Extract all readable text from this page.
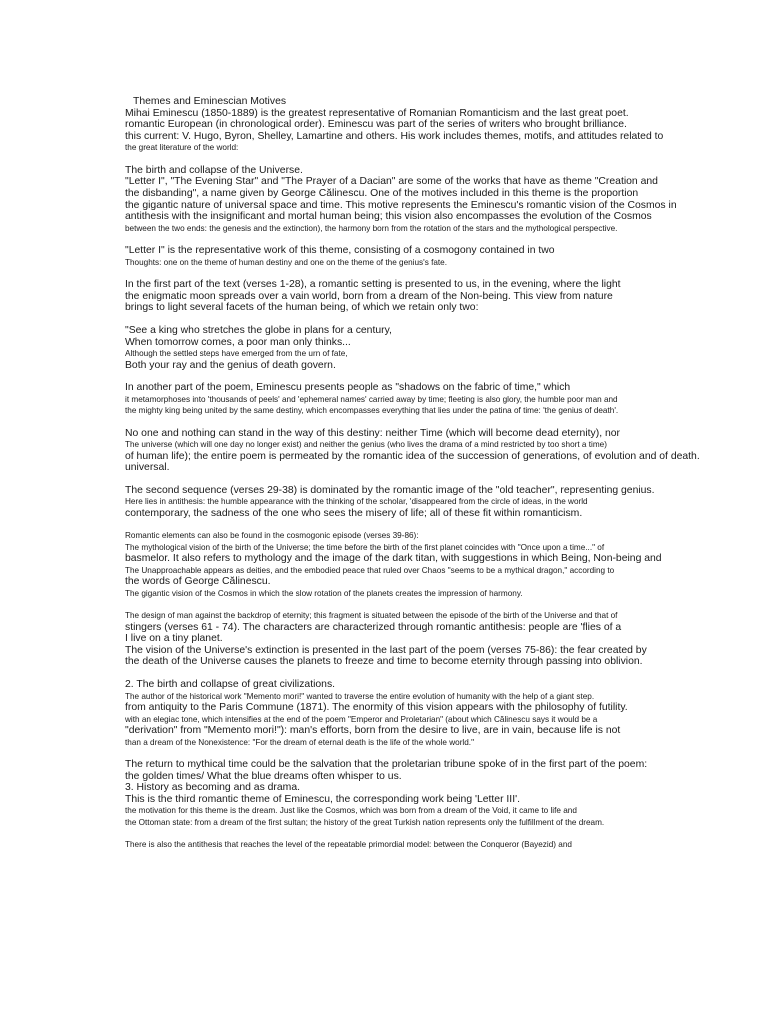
Themes and Eminescian Motives
Mihai Eminescu (1850-1889) is the greatest representative of Romanian Romanticism and the last great poet.
romantic European (in chronological order). Eminescu was part of the series of writers who brought brilliance.
this current: V. Hugo, Byron, Shelley, Lamartine and others. His work includes themes, motifs, and attitudes related to
the great literature of the world:
The birth and collapse of the Universe.
"Letter I", "The Evening Star" and "The Prayer of a Dacian" are some of the works that have as theme "Creation and
the disbanding", a name given by George Călinescu. One of the motives included in this theme is the proportion
the gigantic nature of universal space and time. This motive represents the Eminescu's romantic vision of the Cosmos in
antithesis with the insignificant and mortal human being; this vision also encompasses the evolution of the Cosmos
between the two ends: the genesis and the extinction), the harmony born from the rotation of the stars and the mythological perspective.
"Letter I" is the representative work of this theme, consisting of a cosmogony contained in two
Thoughts: one on the theme of human destiny and one on the theme of the genius's fate.
In the first part of the text (verses 1-28), a romantic setting is presented to us, in the evening, where the light
the enigmatic moon spreads over a vain world, born from a dream of the Non-being. This view from nature
brings to light several facets of the human being, of which we retain only two:
"See a king who stretches the globe in plans for a century,
When tomorrow comes, a poor man only thinks...
Although the settled steps have emerged from the urn of fate,
Both your ray and the genius of death govern.
In another part of the poem, Eminescu presents people as "shadows on the fabric of time," which
it metamorphoses into 'thousands of peels' and 'ephemeral names' carried away by time; fleeting is also glory, the humble poor man and
the mighty king being united by the same destiny, which encompasses everything that lies under the patina of time: 'the genius of death'.
No one and nothing can stand in the way of this destiny: neither Time (which will become dead eternity), nor
The universe (which will one day no longer exist) and neither the genius (who lives the drama of a mind restricted by too short a time)
of human life); the entire poem is permeated by the romantic idea of the succession of generations, of evolution and of death.
universal.
The second sequence (verses 29-38) is dominated by the romantic image of the "old teacher", representing genius.
Here lies in antithesis: the humble appearance with the thinking of the scholar, 'disappeared from the circle of ideas, in the world
contemporary, the sadness of the one who sees the misery of life; all of these fit within romanticism.
Romantic elements can also be found in the cosmogonic episode (verses 39-86):
The mythological vision of the birth of the Universe; the time before the birth of the first planet coincides with "Once upon a time..." of
basmelor. It also refers to mythology and the image of the dark titan, with suggestions in which Being, Non-being and
The Unapproachable appears as deities, and the embodied peace that ruled over Chaos "seems to be a mythical dragon," according to
the words of George Călinescu.
The gigantic vision of the Cosmos in which the slow rotation of the planets creates the impression of harmony.
The design of man against the backdrop of eternity; this fragment is situated between the episode of the birth of the Universe and that of
stingers (verses 61 - 74). The characters are characterized through romantic antithesis: people are 'flies of a
I live on a tiny planet.
The vision of the Universe's extinction is presented in the last part of the poem (verses 75-86): the fear created by
the death of the Universe causes the planets to freeze and time to become eternity through passing into oblivion.
2. The birth and collapse of great civilizations.
The author of the historical work "Memento mori!" wanted to traverse the entire evolution of humanity with the help of a giant step.
from antiquity to the Paris Commune (1871). The enormity of this vision appears with the philosophy of futility.
with an elegiac tone, which intensifies at the end of the poem "Emperor and Proletarian" (about which Călinescu says it would be a
"derivation" from "Memento mori!"): man's efforts, born from the desire to live, are in vain, because life is not
than a dream of the Nonexistence: "For the dream of eternal death is the life of the whole world."
The return to mythical time could be the salvation that the proletarian tribune spoke of in the first part of the poem:
the golden times/ What the blue dreams often whisper to us.
3. History as becoming and as drama.
This is the third romantic theme of Eminescu, the corresponding work being 'Letter III'.
the motivation for this theme is the dream. Just like the Cosmos, which was born from a dream of the Void, it came to life and
the Ottoman state: from a dream of the first sultan; the history of the great Turkish nation represents only the fulfillment of the dream.
There is also the antithesis that reaches the level of the repeatable primordial model: between the Conqueror (Bayezid) and
